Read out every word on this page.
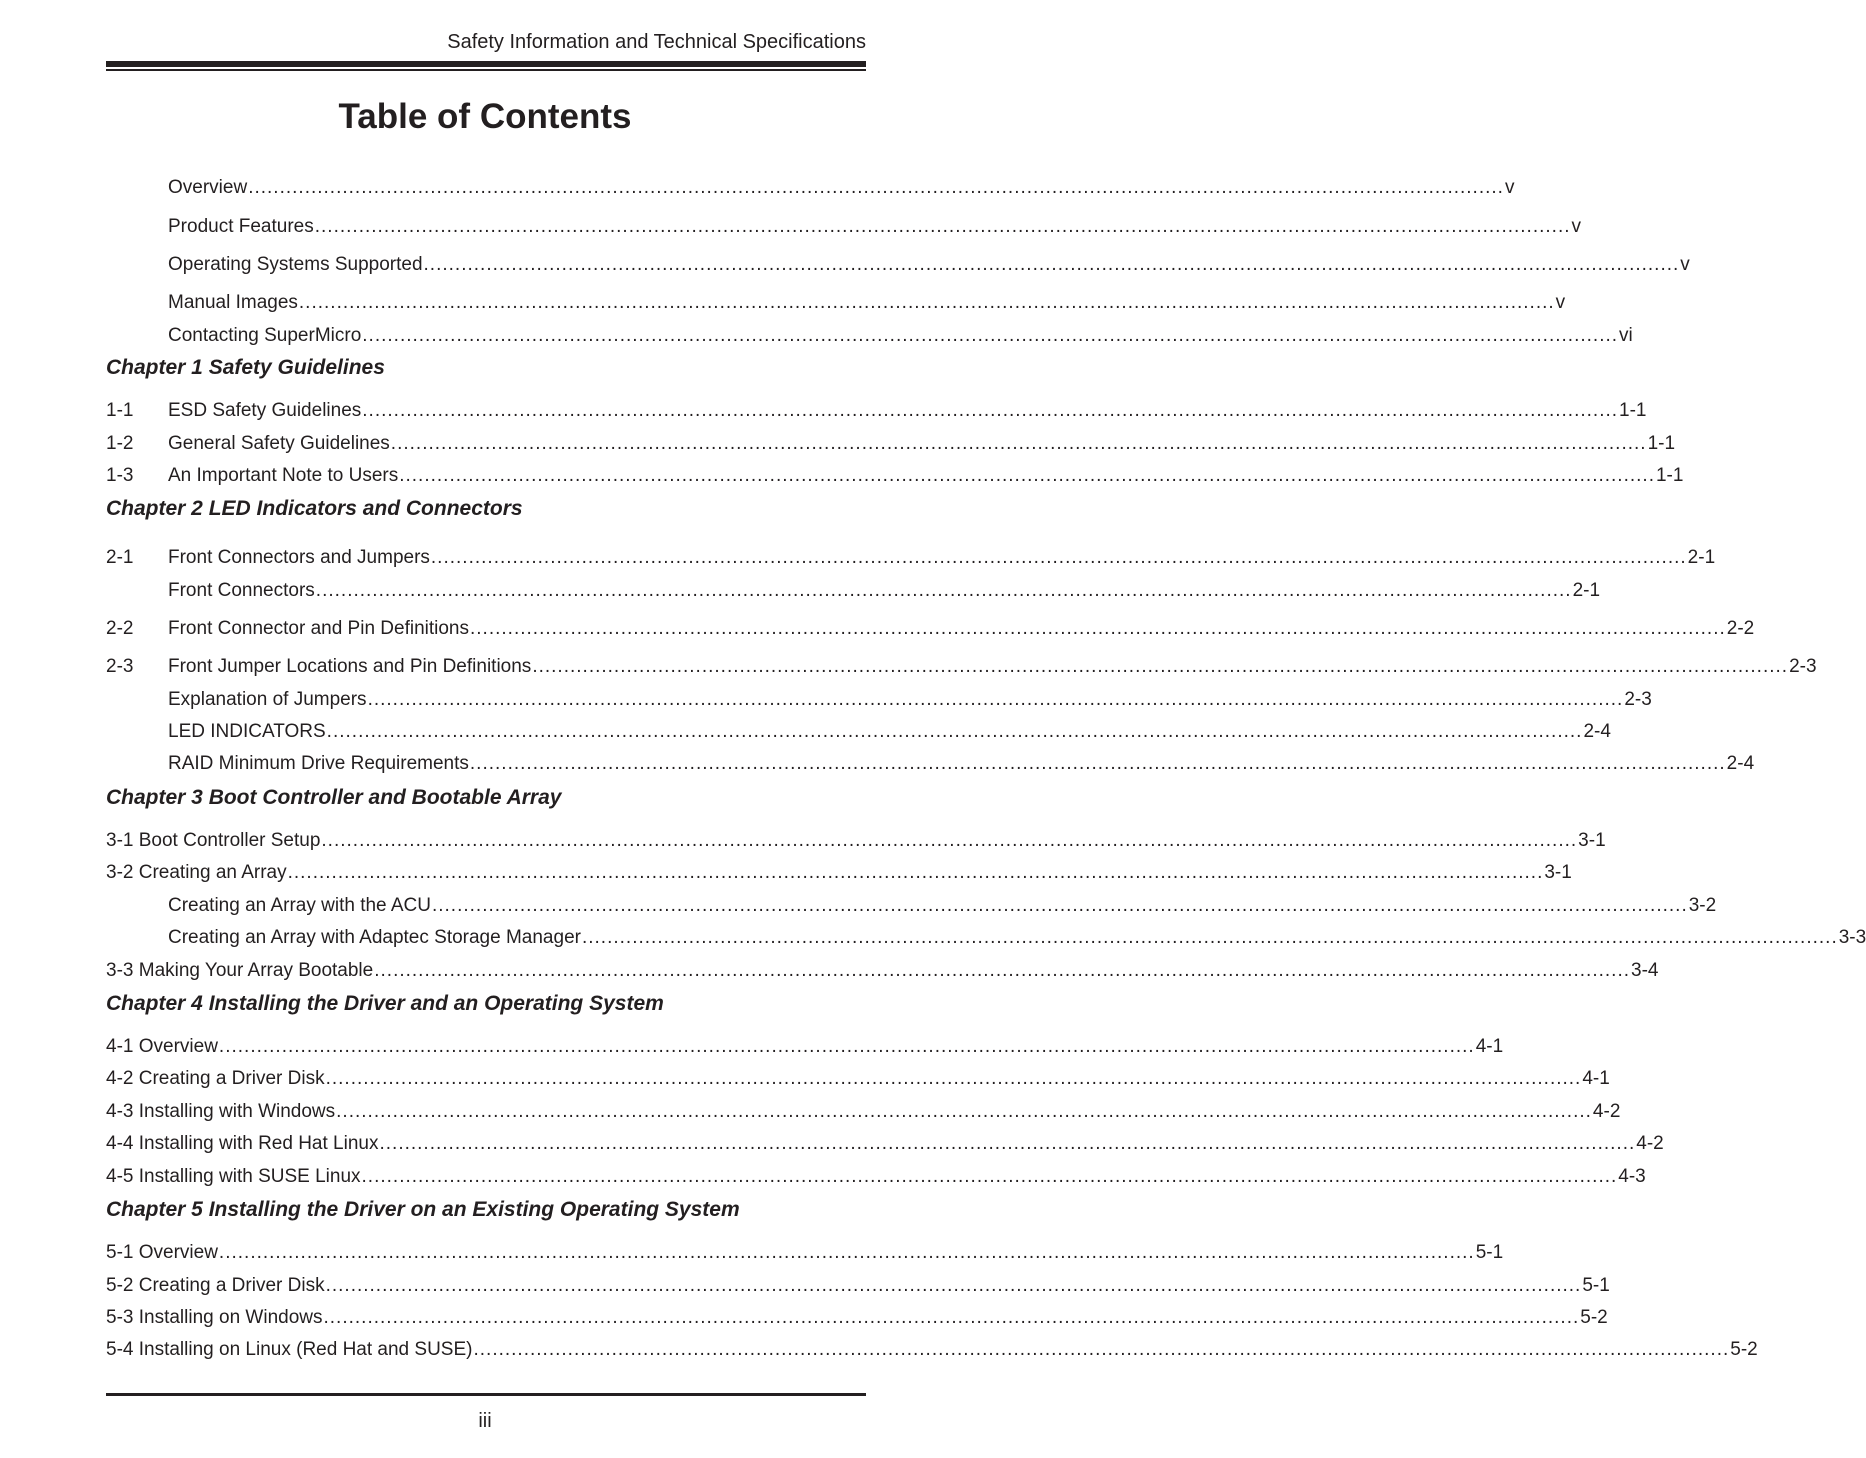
Safety Information and Technical Specifications
Table of Contents
Overview ........................................................................................................................................................................................................ v
Product Features ........................................................................................................................................................................................................ v
Operating Systems Supported ........................................................................................................................................................................................................ v
Manual Images ........................................................................................................................................................................................................ v
Contacting SuperMicro ........................................................................................................................................................................................................ vi
Chapter 1 Safety Guidelines
1-1	ESD Safety Guidelines ........................................................................................................................................................................................................ 1-1
1-2	General Safety Guidelines ........................................................................................................................................................................................................ 1-1
1-3	An Important Note to Users ........................................................................................................................................................................................................ 1-1
Chapter 2 LED Indicators and Connectors
2-1	Front Connectors and Jumpers ........................................................................................................................................................................................................ 2-1
Front Connectors ........................................................................................................................................................................................................ 2-1
2-2	Front Connector and Pin Definitions ........................................................................................................................................................................................................ 2-2
2-3	Front Jumper Locations and Pin Definitions ........................................................................................................................................................................................................ 2-3
Explanation of Jumpers ........................................................................................................................................................................................................ 2-3
LED INDICATORS ........................................................................................................................................................................................................ 2-4
RAID Minimum Drive Requirements ........................................................................................................................................................................................................ 2-4
Chapter 3 Boot Controller and Bootable Array
3-1 Boot Controller Setup ........................................................................................................................................................................................................ 3-1
3-2 Creating an Array ........................................................................................................................................................................................................ 3-1
Creating an Array with the ACU ........................................................................................................................................................................................................ 3-2
Creating an Array with Adaptec Storage Manager ........................................................................................................................................................................................................ 3-3
3-3 Making Your Array Bootable ........................................................................................................................................................................................................ 3-4
Chapter 4 Installing the Driver and an Operating System
4-1 Overview ........................................................................................................................................................................................................ 4-1
4-2 Creating a Driver Disk ........................................................................................................................................................................................................ 4-1
4-3 Installing with Windows ........................................................................................................................................................................................................ 4-2
4-4 Installing with Red Hat Linux ........................................................................................................................................................................................................ 4-2
4-5 Installing with SUSE Linux ........................................................................................................................................................................................................ 4-3
Chapter 5 Installing the Driver on an Existing Operating System
5-1 Overview ........................................................................................................................................................................................................ 5-1
5-2 Creating a Driver Disk ........................................................................................................................................................................................................ 5-1
5-3 Installing on Windows ........................................................................................................................................................................................................ 5-2
5-4 Installing on Linux (Red Hat and SUSE) ........................................................................................................................................................................................................ 5-2
iii
